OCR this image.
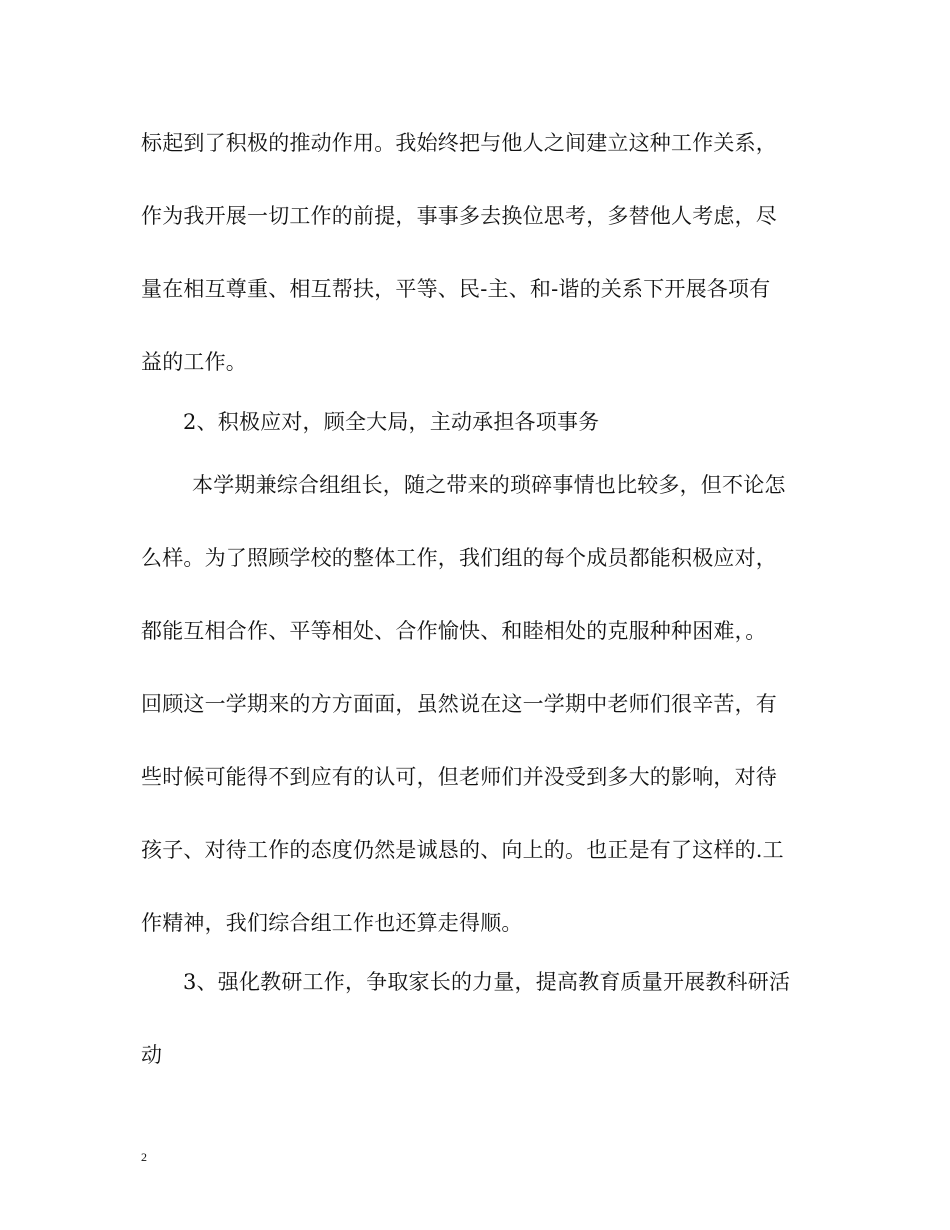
标起到了积极的推动作用。我始终把与他人之间建立这种工作关系，
作为我开展一切工作的前提，事事多去换位思考，多替他人考虑，尽
量在相互尊重、相互帮扶，平等、民-主、和-谐的关系下开展各项有
益的工作。
2、积极应对，顾全大局，主动承担各项事务
本学期兼综合组组长，随之带来的琐碎事情也比较多，但不论怎
么样。为了照顾学校的整体工作，我们组的每个成员都能积极应对，
都能互相合作、平等相处、合作愉快、和睦相处的克服种种困难，。
回顾这一学期来的方方面面，虽然说在这一学期中老师们很辛苦，有
些时候可能得不到应有的认可，但老师们并没受到多大的影响，对待
孩子、对待工作的态度仍然是诚恳的、向上的。也正是有了这样的.工
作精神，我们综合组工作也还算走得顺。
3、强化教研工作，争取家长的力量，提高教育质量开展教科研活
动
2
